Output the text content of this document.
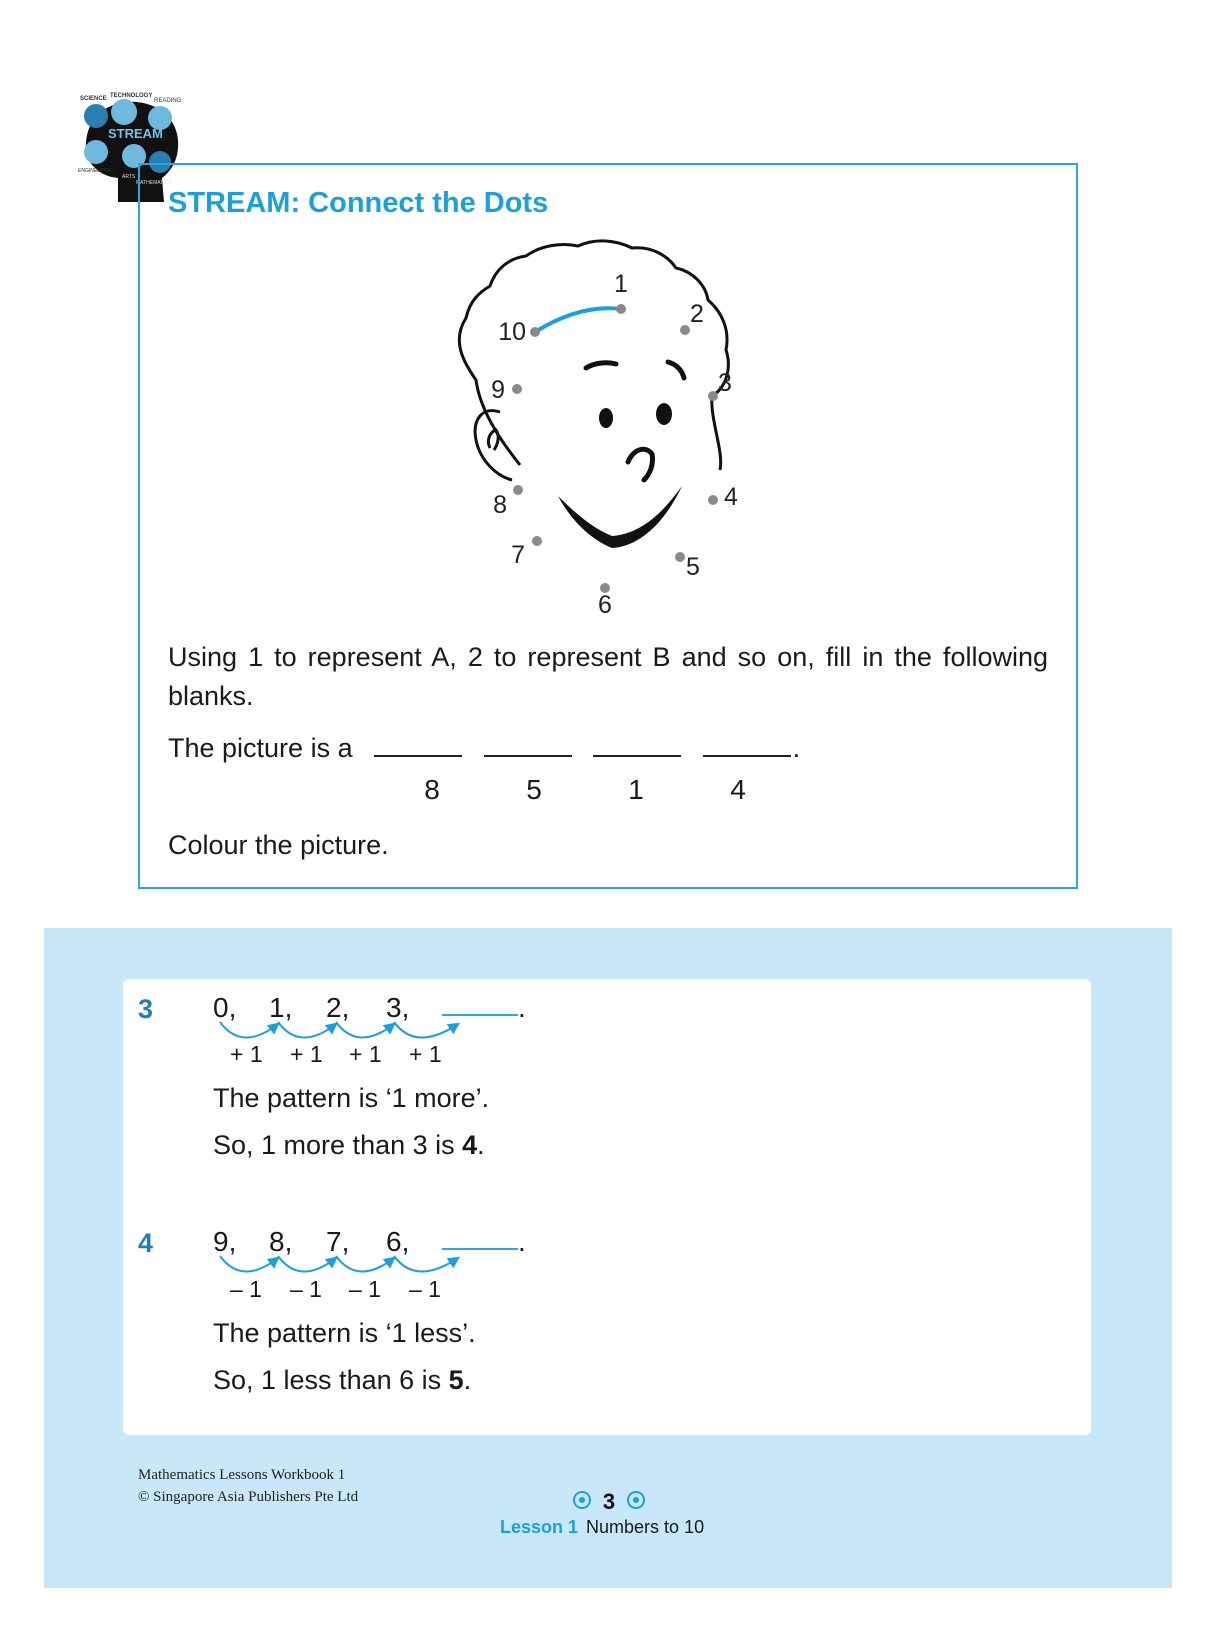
SCIENCE TECHNOLOGY
READING
STREAM
ENGINEERING
ARTS
MATHEMATICS
STREAM: Connect the Dots
1
2
3
4
5
6
7
8
9
10

Using 1 to represent A, 2 to represent B and so on, fill in the following blanks.

The picture is a	.
8	5	1	4

Colour the picture.

3 0, 1, 2, 3,	.
+ 1 + 1 + 1 + 1
The pattern is ‘1 more’.
So, 1 more than 3 is 4.
4 9, 8, 7, 6,	.
– 1 – 1 – 1 – 1
The pattern is ‘1 less’.
So, 1 less than 6 is 5.
Mathematics Lessons Workbook 1
© Singapore Asia Publishers Pte Ltd	3
Lesson 1 Numbers to 10
